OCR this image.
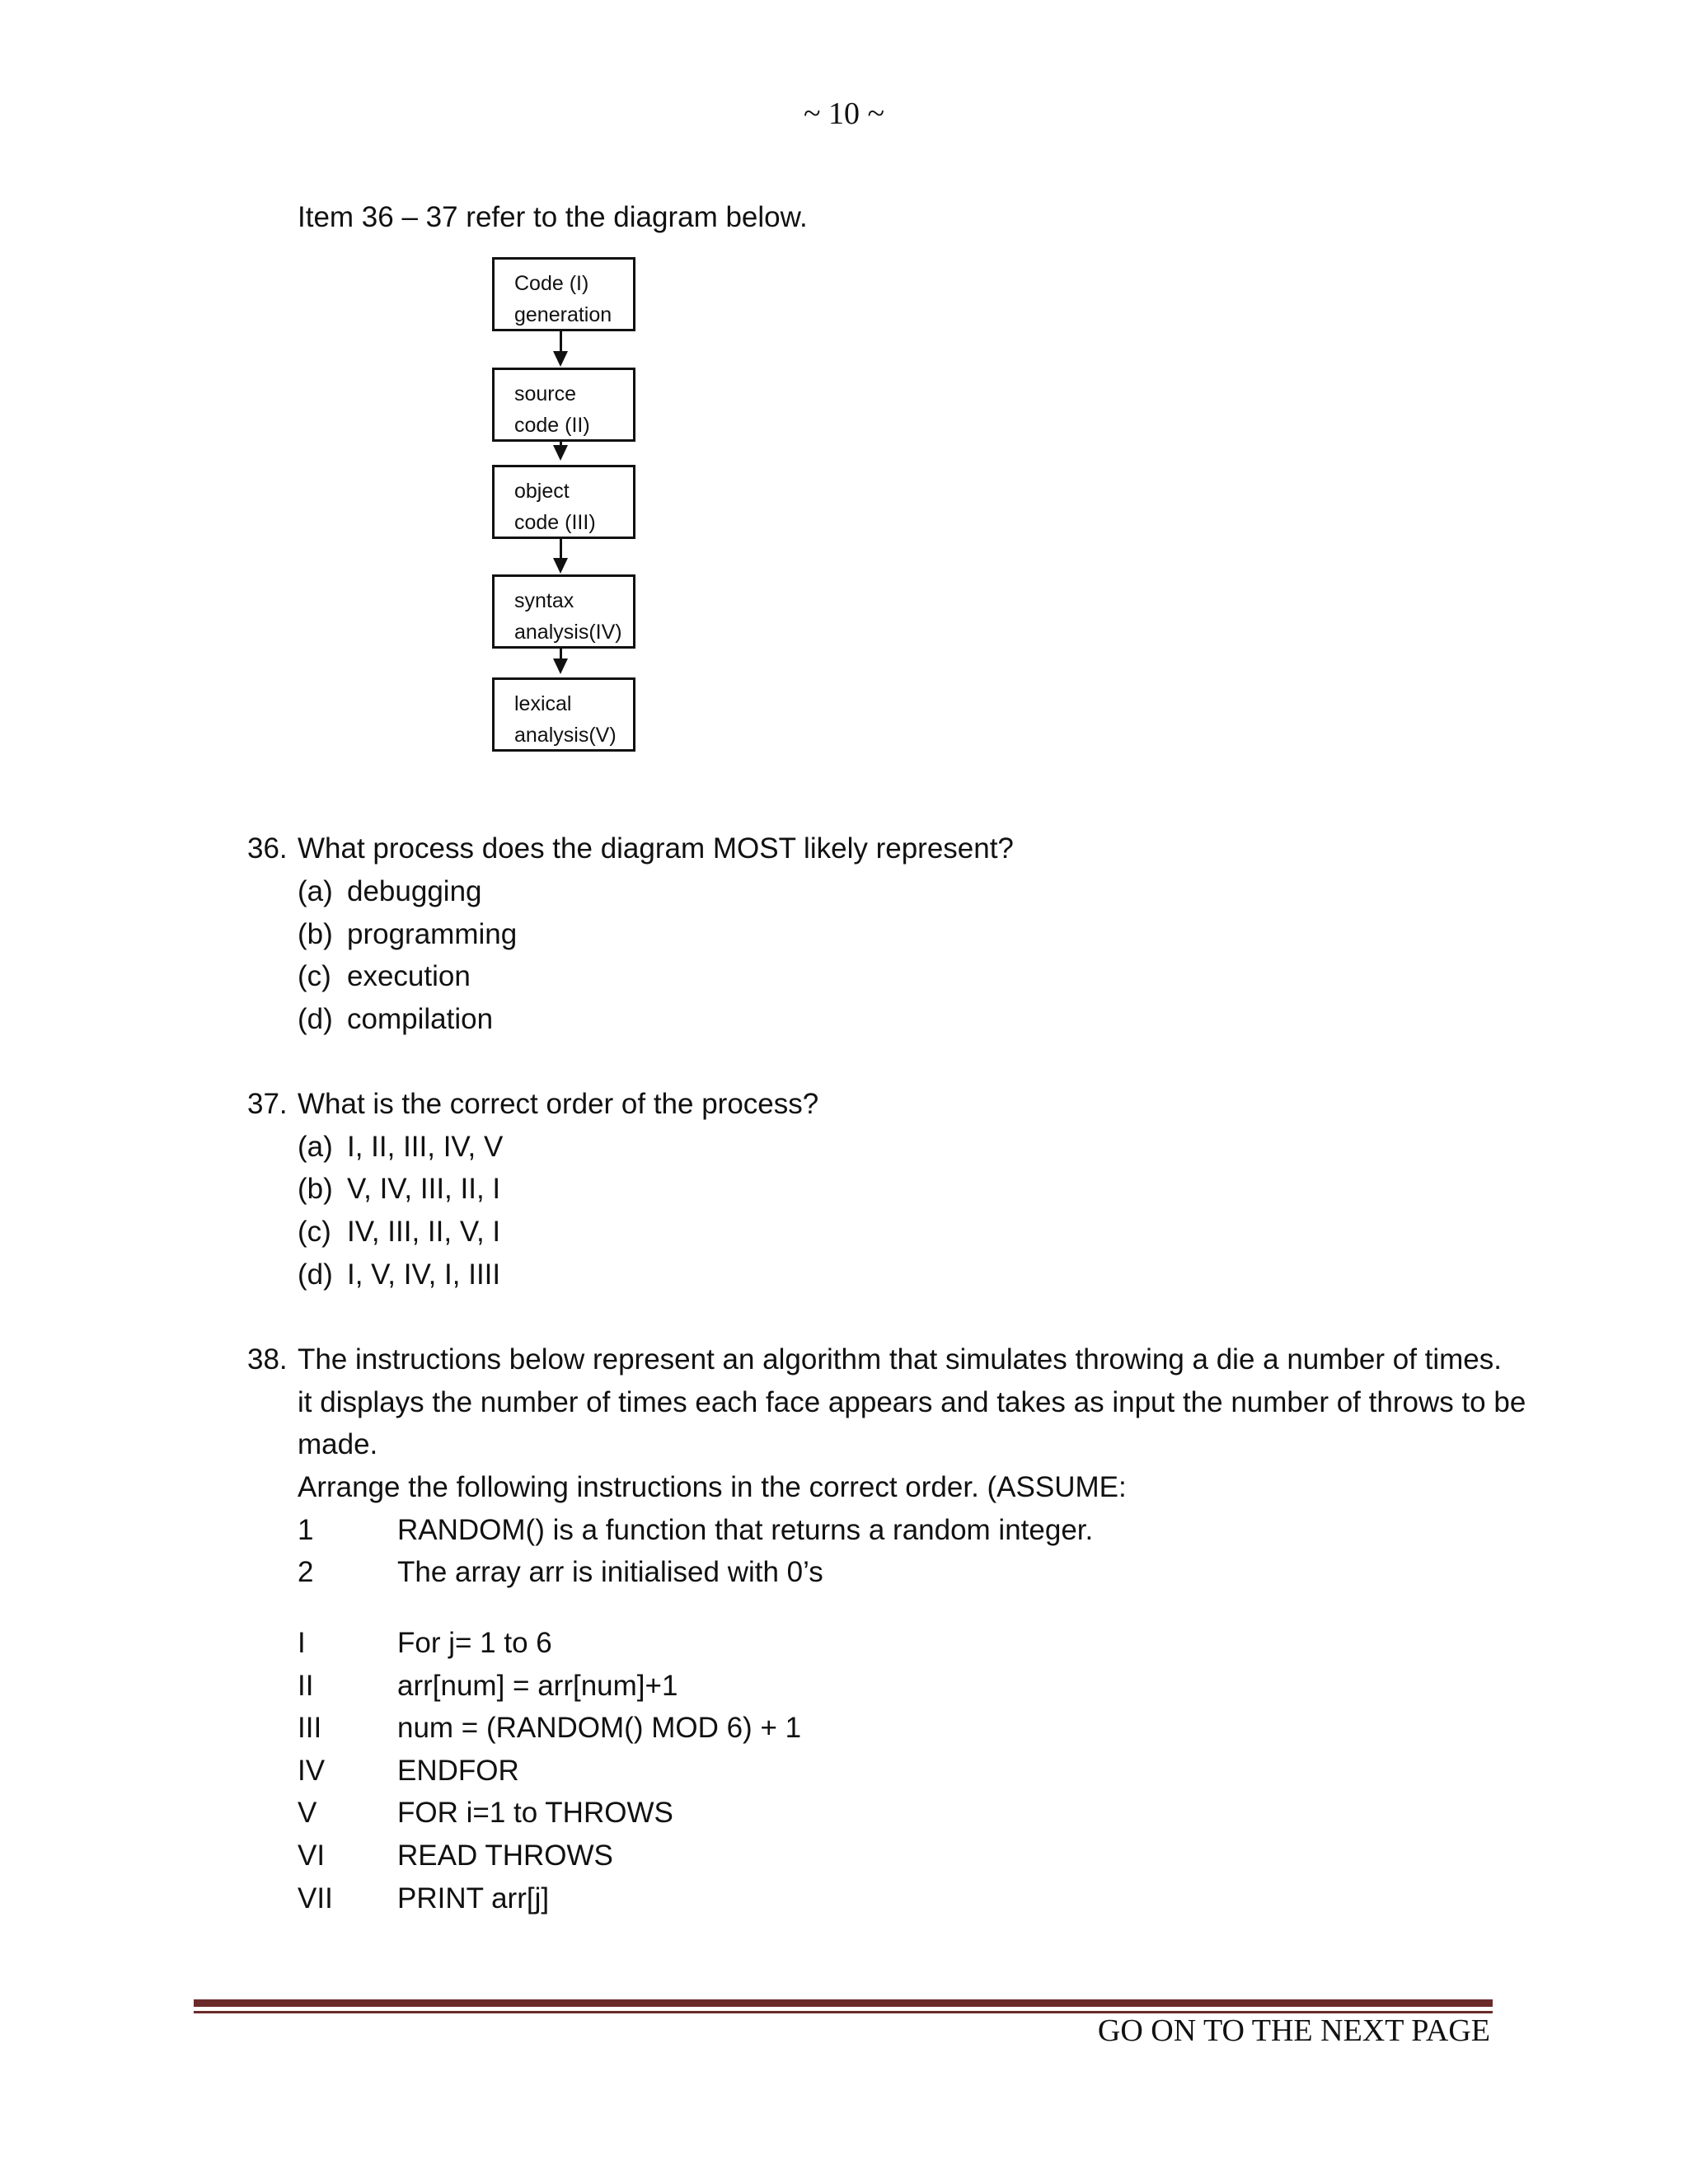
~ 10 ~
Item 36 – 37 refer to the diagram below.
Code (I)
generation
source
code (II)
object
code (III)
syntax
analysis(IV)
lexical
analysis(V)
36. What process does the diagram MOST likely represent?
(a) debugging
(b) programming
(c) execution
(d) compilation
37. What is the correct order of the process?
(a) I, II, III, IV, V
(b) V, IV, III, II, I
(c) IV, III, II, V, I
(d) I, V, IV, I, IIII
38. The instructions below represent an algorithm that simulates throwing a die a number of times.
it displays the number of times each face appears and takes as input the number of throws to be
made.
Arrange the following instructions in the correct order. (ASSUME:
1	RANDOM() is a function that returns a random integer.
2	The array arr is initialised with 0’s
I	For j= 1 to 6
II	arr[num] = arr[num]+1
III	num = (RANDOM() MOD 6) + 1
IV	ENDFOR
V	FOR i=1 to THROWS
VI	READ THROWS
VII PRINT arr[j]
GO ON TO THE NEXT PAGE
